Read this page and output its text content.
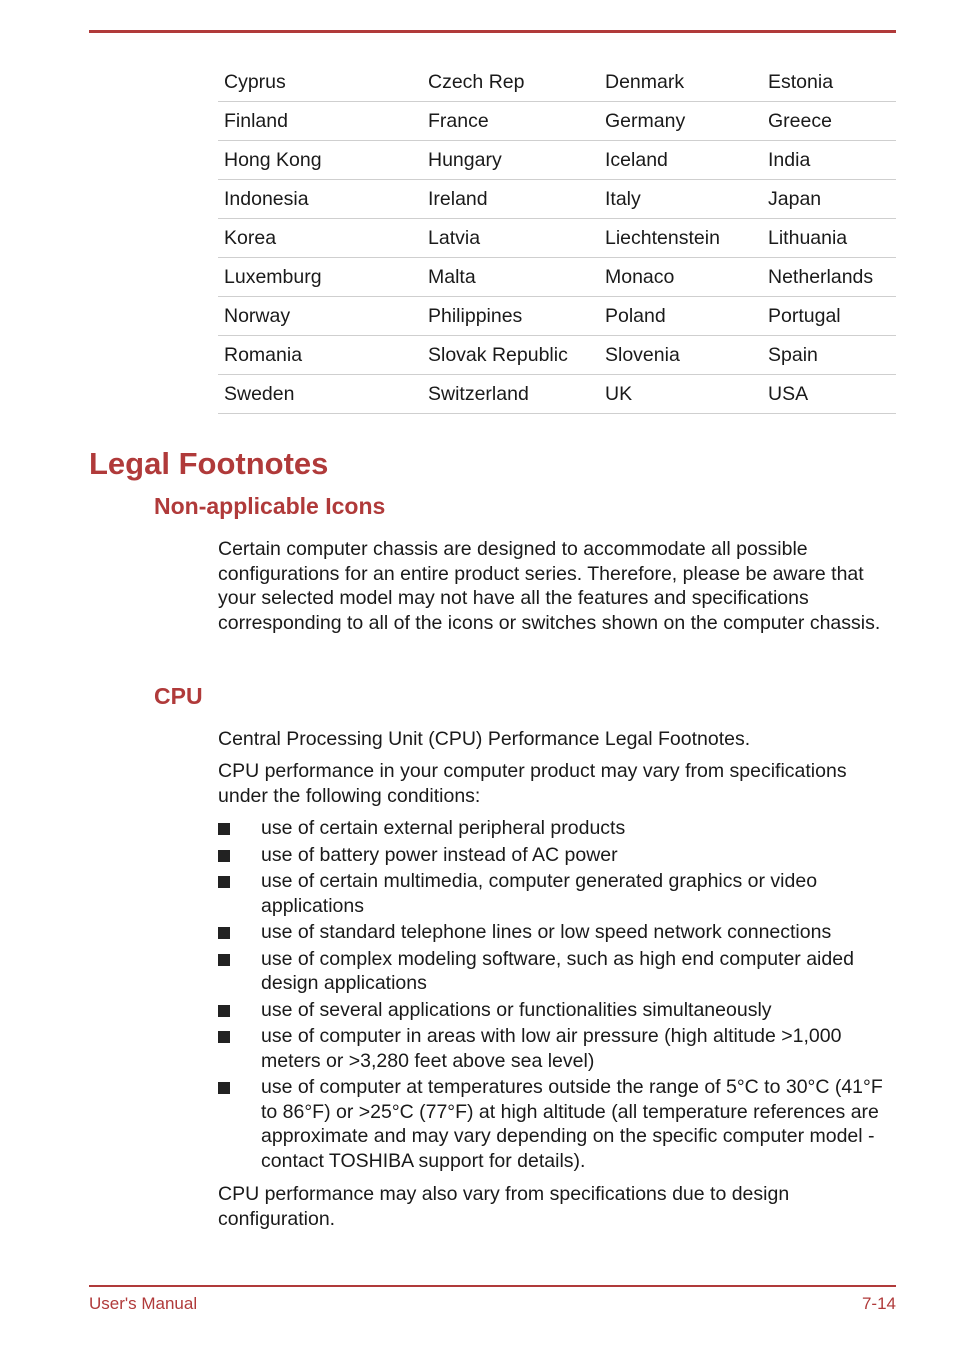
Cyprus	Czech Rep	Denmark	Estonia
Finland	France	Germany	Greece
Hong Kong	Hungary	Iceland	India
Indonesia	Ireland	Italy	Japan
Korea	Latvia	Liechtenstein	Lithuania
Luxemburg	Malta	Monaco	Netherlands
Norway	Philippines	Poland	Portugal
Romania	Slovak Republic	Slovenia	Spain
Sweden	Switzerland	UK	USA
Legal Footnotes
Non-applicable Icons

Certain computer chassis are designed to accommodate all possible configurations for an entire product series. Therefore, please be aware that your selected model may not have all the features and specifications corresponding to all of the icons or switches shown on the computer chassis.

CPU

Central Processing Unit (CPU) Performance Legal Footnotes.

CPU performance in your computer product may vary from specifications under the following conditions:

use of certain external peripheral products
use of battery power instead of AC power
use of certain multimedia, computer generated graphics or video applications
use of standard telephone lines or low speed network connections
use of complex modeling software, such as high end computer aided design applications
use of several applications or functionalities simultaneously
use of computer in areas with low air pressure (high altitude >1,000 meters or >3,280 feet above sea level)
use of computer at temperatures outside the range of 5°C to 30°C (41°F to 86°F) or >25°C (77°F) at high altitude (all temperature references are approximate and may vary depending on the specific computer model - contact TOSHIBA support for details).

CPU performance may also vary from specifications due to design configuration.

User's Manual	7-14
